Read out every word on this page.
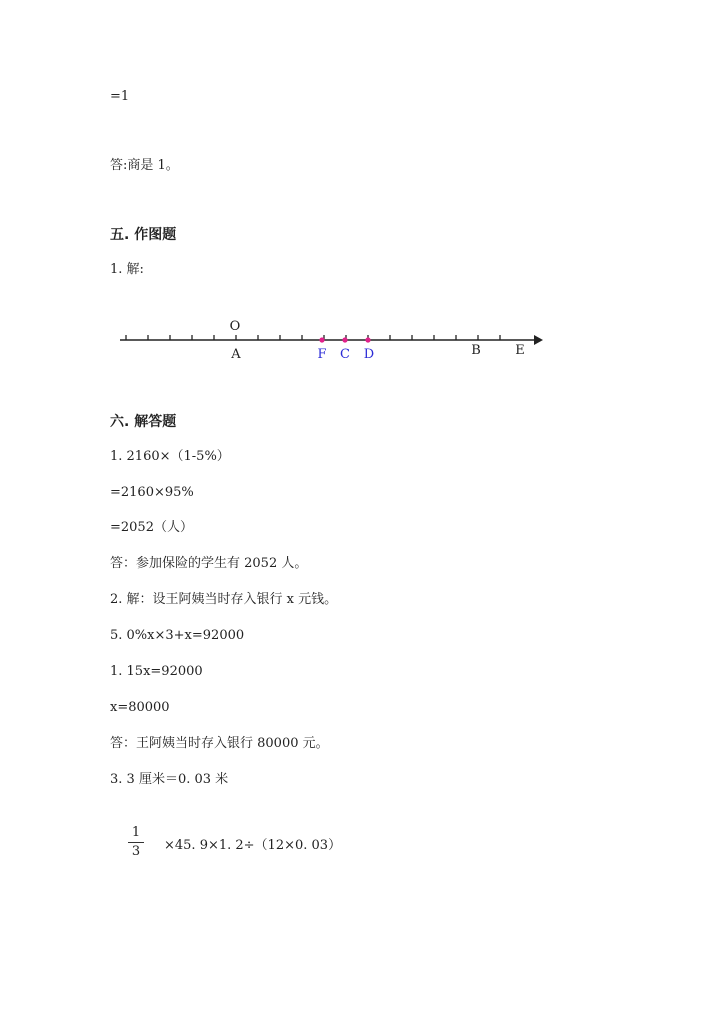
=1
答:商是 1。
五. 作图题
1. 解:
O
A	F C D	B	E
六. 解答题
1. 2160×（1-5%）
=2160×95%
=2052（人）
答：参加保险的学生有 2052 人。
2. 解：设王阿姨当时存入银行 x 元钱。
5. 0%x×3+x=92000
1. 15x=92000
x=80000
答：王阿姨当时存入银行 80000 元。
3. 3 厘米＝0. 03 米
1
3 ×45. 9×1. 2÷（12×0. 03）
